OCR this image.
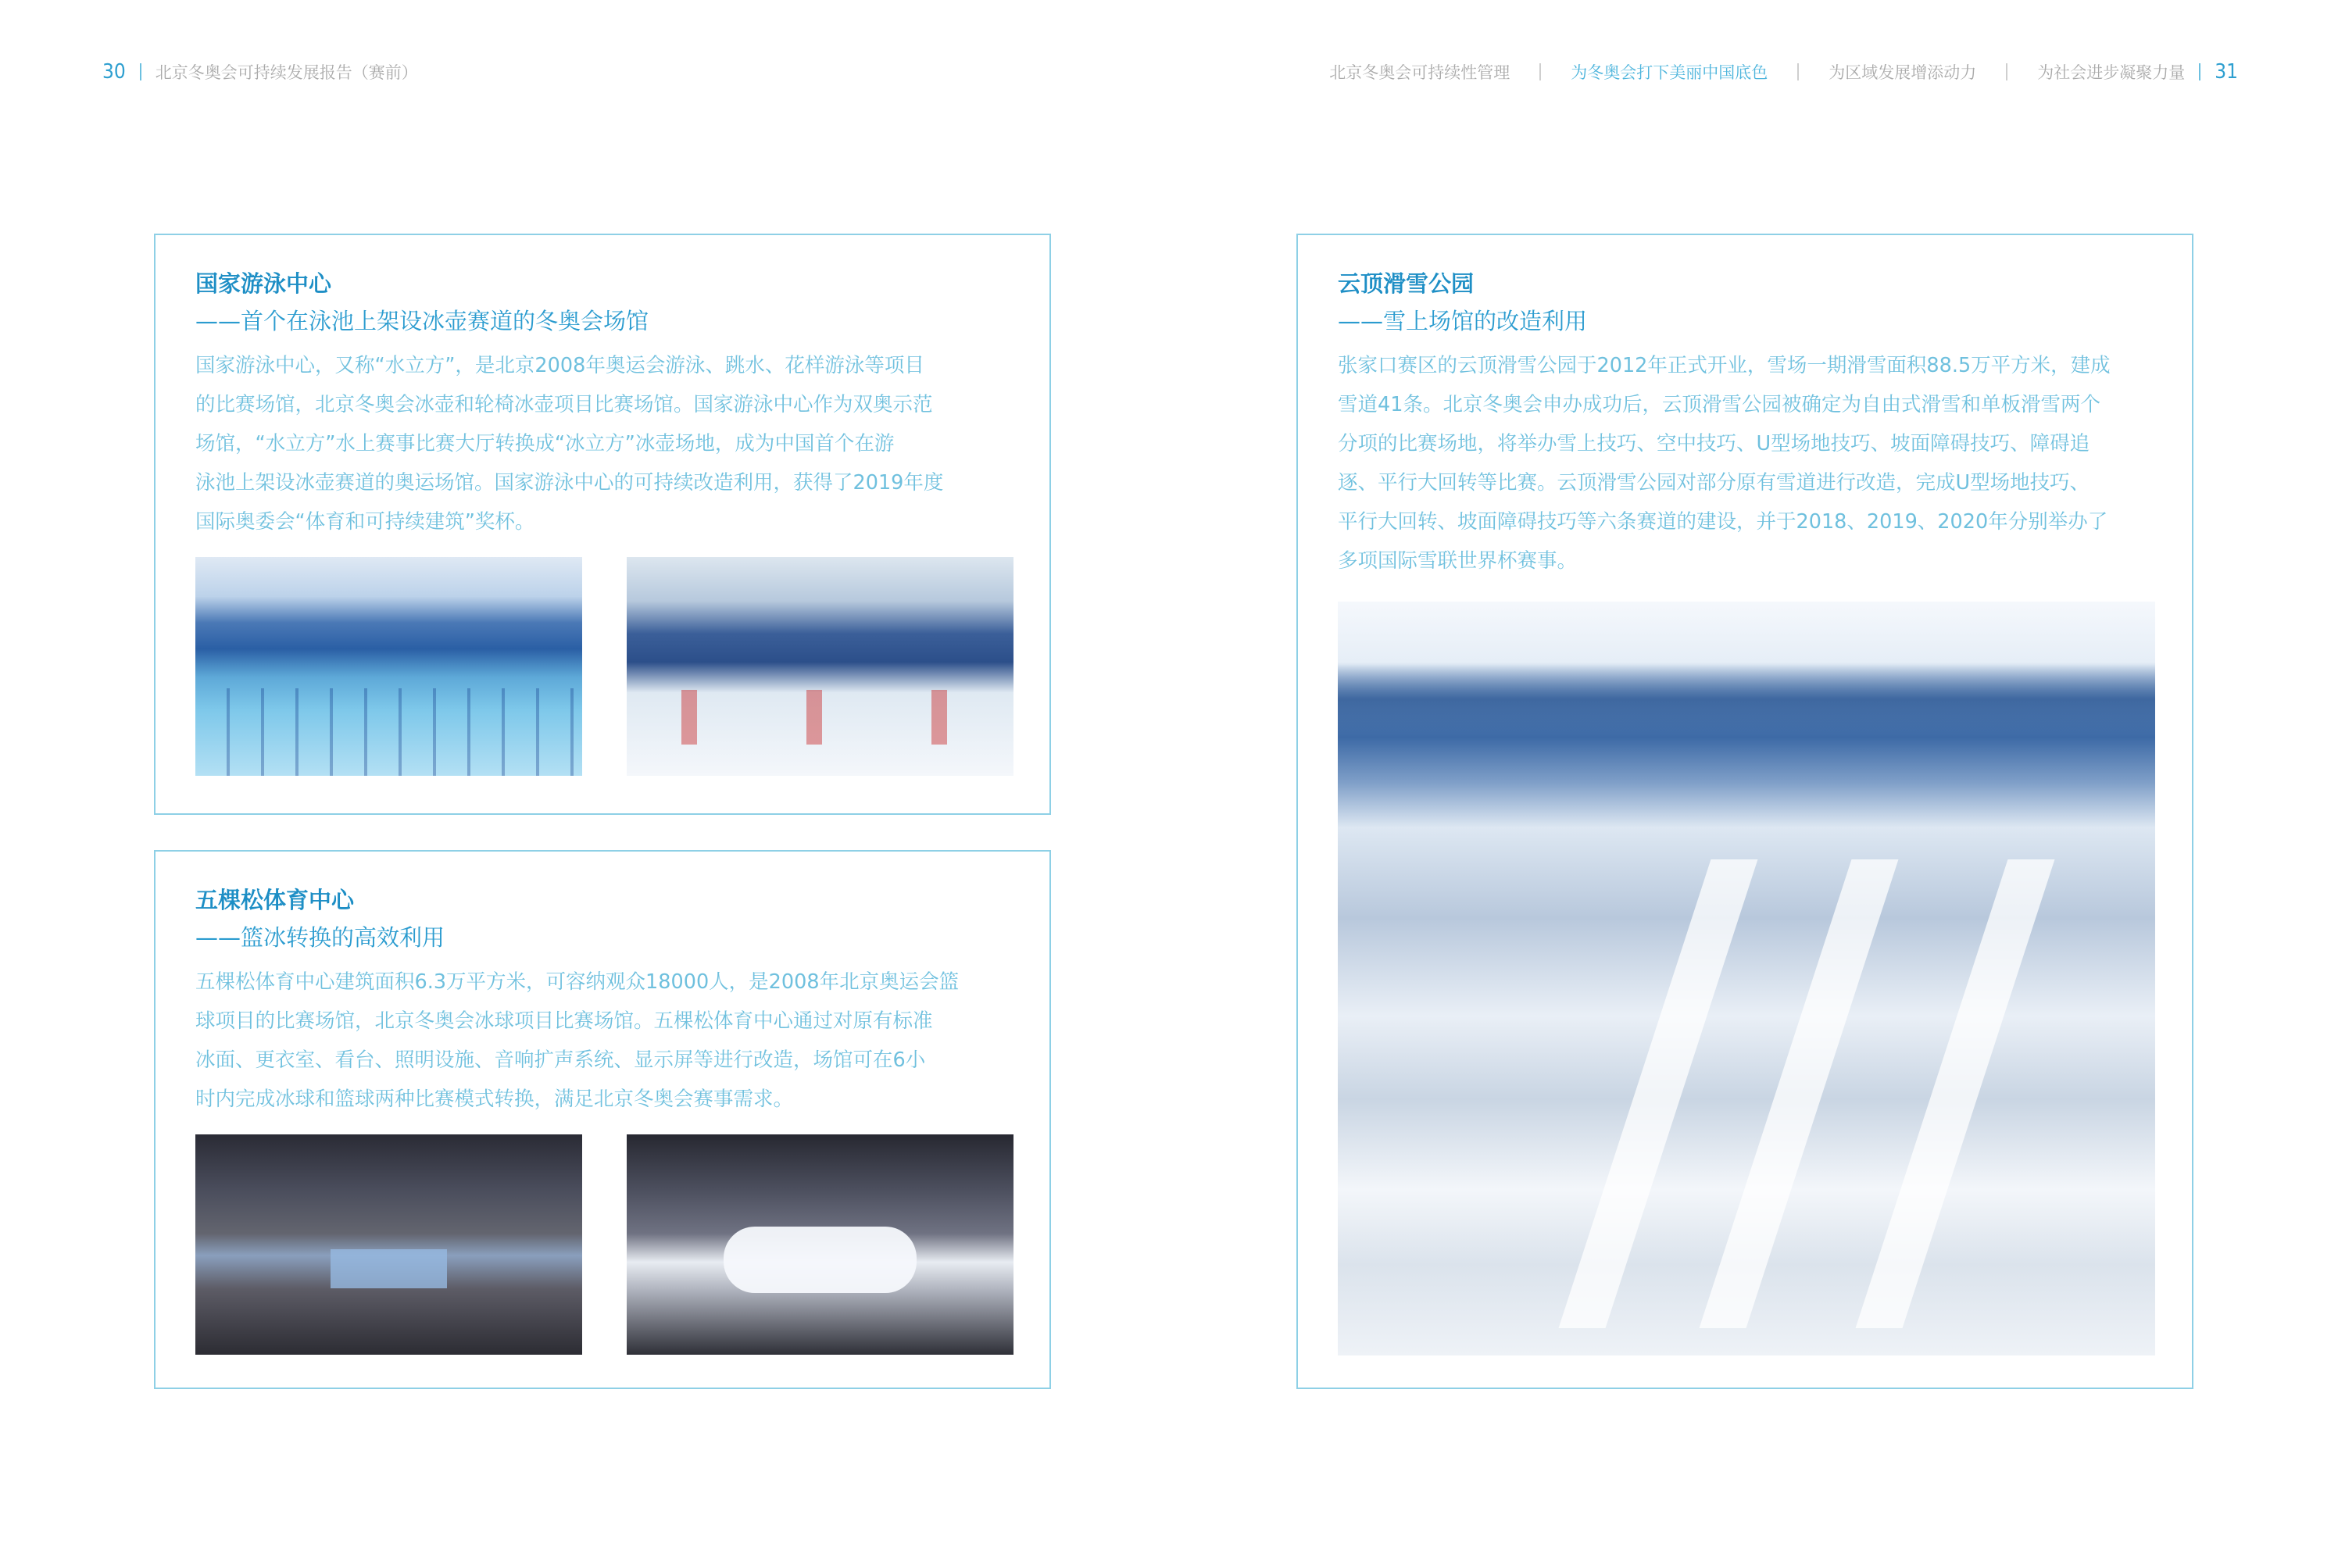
30 北京冬奥会可持续发展报告（赛前）	北京冬奥会可持续性管理	为冬奥会打下美丽中国底色	为区域发展增添动力	为社会进步凝聚力量 31
国家游泳中心
——首个在泳池上架设冰壶赛道的冬奥会场馆
国家游泳中心，又称“水立方”，是北京2008年奥运会游泳、跳水、花样游泳等项目
的比赛场馆，北京冬奥会冰壶和轮椅冰壶项目比赛场馆。国家游泳中心作为双奥示范
场馆，“水立方”水上赛事比赛大厅转换成“冰立方”冰壶场地，成为中国首个在游
泳池上架设冰壶赛道的奥运场馆。国家游泳中心的可持续改造利用，获得了2019年度
国际奥委会“体育和可持续建筑”奖杯。
五棵松体育中心
——篮冰转换的高效利用
五棵松体育中心建筑面积6.3万平方米，可容纳观众18000人，是2008年北京奥运会篮
球项目的比赛场馆，北京冬奥会冰球项目比赛场馆。五棵松体育中心通过对原有标准
冰面、更衣室、看台、照明设施、音响扩声系统、显示屏等进行改造，场馆可在6小
时内完成冰球和篮球两种比赛模式转换，满足北京冬奥会赛事需求。
云顶滑雪公园
——雪上场馆的改造利用
张家口赛区的云顶滑雪公园于2012年正式开业，雪场一期滑雪面积88.5万平方米，建成
雪道41条。北京冬奥会申办成功后，云顶滑雪公园被确定为自由式滑雪和单板滑雪两个
分项的比赛场地，将举办雪上技巧、空中技巧、U型场地技巧、坡面障碍技巧、障碍追
逐、平行大回转等比赛。云顶滑雪公园对部分原有雪道进行改造，完成U型场地技巧、
平行大回转、坡面障碍技巧等六条赛道的建设，并于2018、2019、2020年分别举办了
多项国际雪联世界杯赛事。
